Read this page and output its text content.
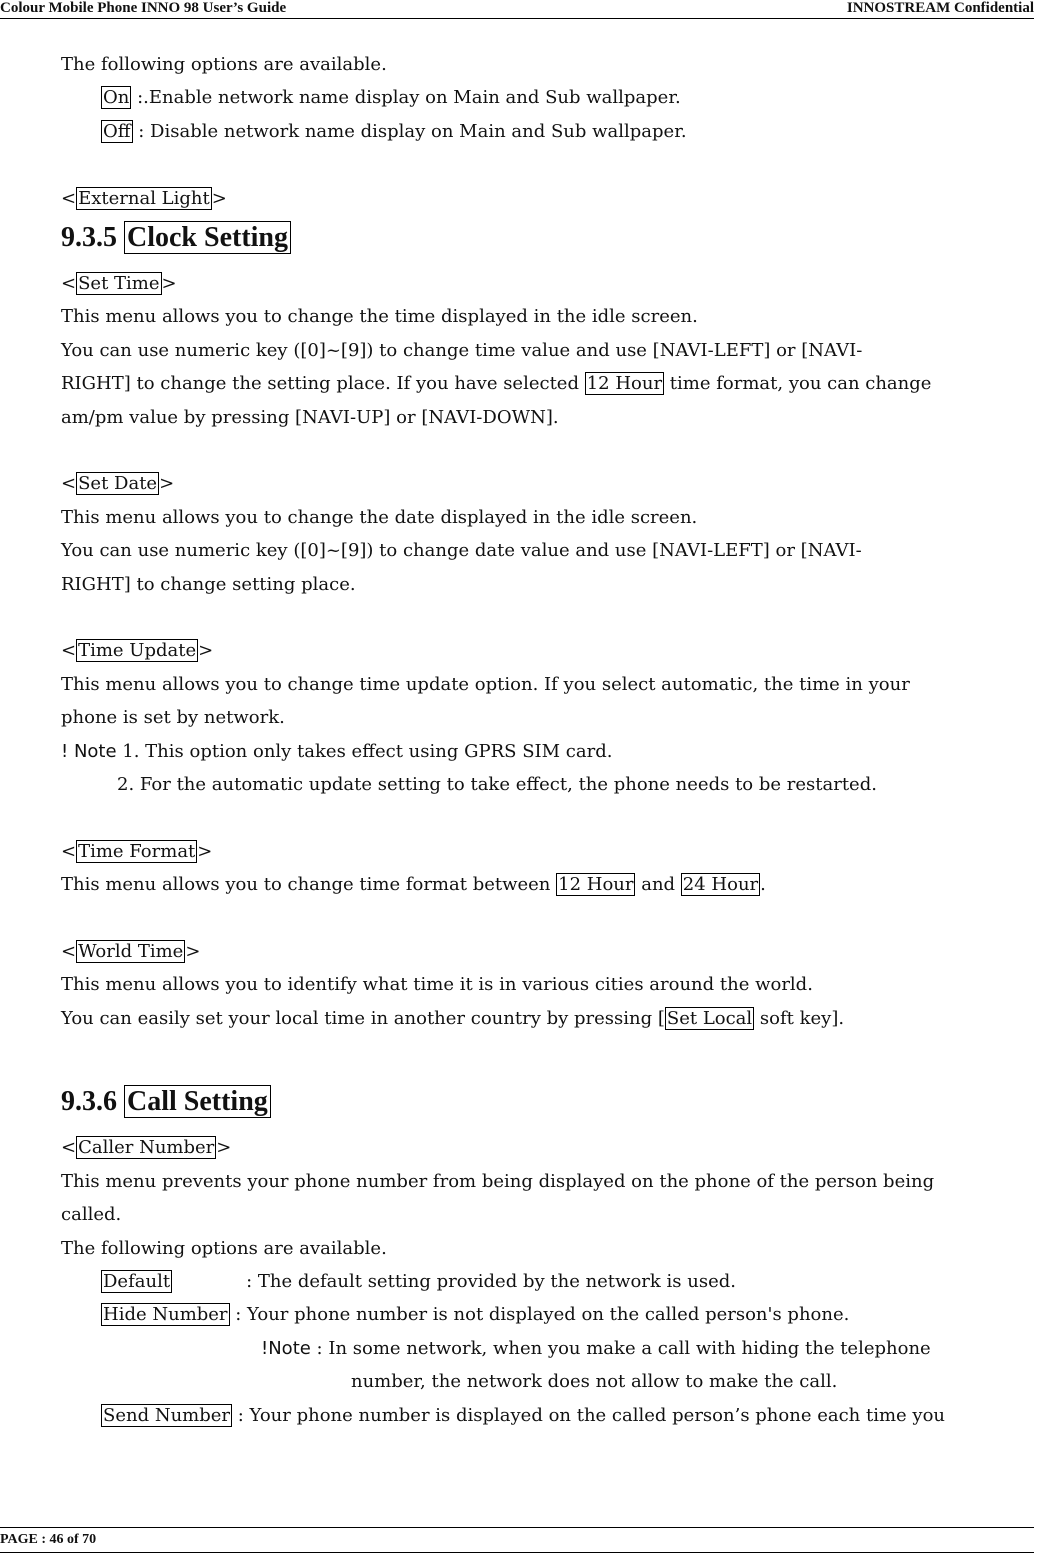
Colour Mobile Phone INNO 98 User’s Guide	INNOSTREAM Confidential
The following options are available.
On :.Enable network name display on Main and Sub wallpaper.
Off : Disable network name display on Main and Sub wallpaper.
< External Light >
9.3.5 Clock Setting
< Set Time >
This menu allows you to change the time displayed in the idle screen.
You can use numeric key ([0]~[9]) to change time value and use [NAVI-LEFT] or [NAVI-
RIGHT] to change the setting place. If you have selected 12 Hour time format, you can change
am/pm value by pressing [NAVI-UP] or [NAVI-DOWN].
< Set Date >
This menu allows you to change the date displayed in the idle screen.
You can use numeric key ([0]~[9]) to change date value and use [NAVI-LEFT] or [NAVI-
RIGHT] to change setting place.
< Time Update >
This menu allows you to change time update option. If you select automatic, the time in your
phone is set by network.
! Note 1. This option only takes effect using GPRS SIM card.
2. For the automatic update setting to take effect, the phone needs to be restarted.
< Time Format >
This menu allows you to change time format between 12 Hour and 24 Hour .
< World Time >
This menu allows you to identify what time it is in various cities around the world.
You can easily set your local time in another country by pressing [ Set Local soft key].
9.3.6 Call Setting
< Caller Number >
This menu prevents your phone number from being displayed on the phone of the person being
called.
The following options are available.
Default	: The default setting provided by the network is used.
Hide Number : Your phone number is not displayed on the called person's phone.
!Note : In some network, when you make a call with hiding the telephone
number, the network does not allow to make the call.
Send Number : Your phone number is displayed on the called person’s phone each time you
PAGE : 46 of 70
